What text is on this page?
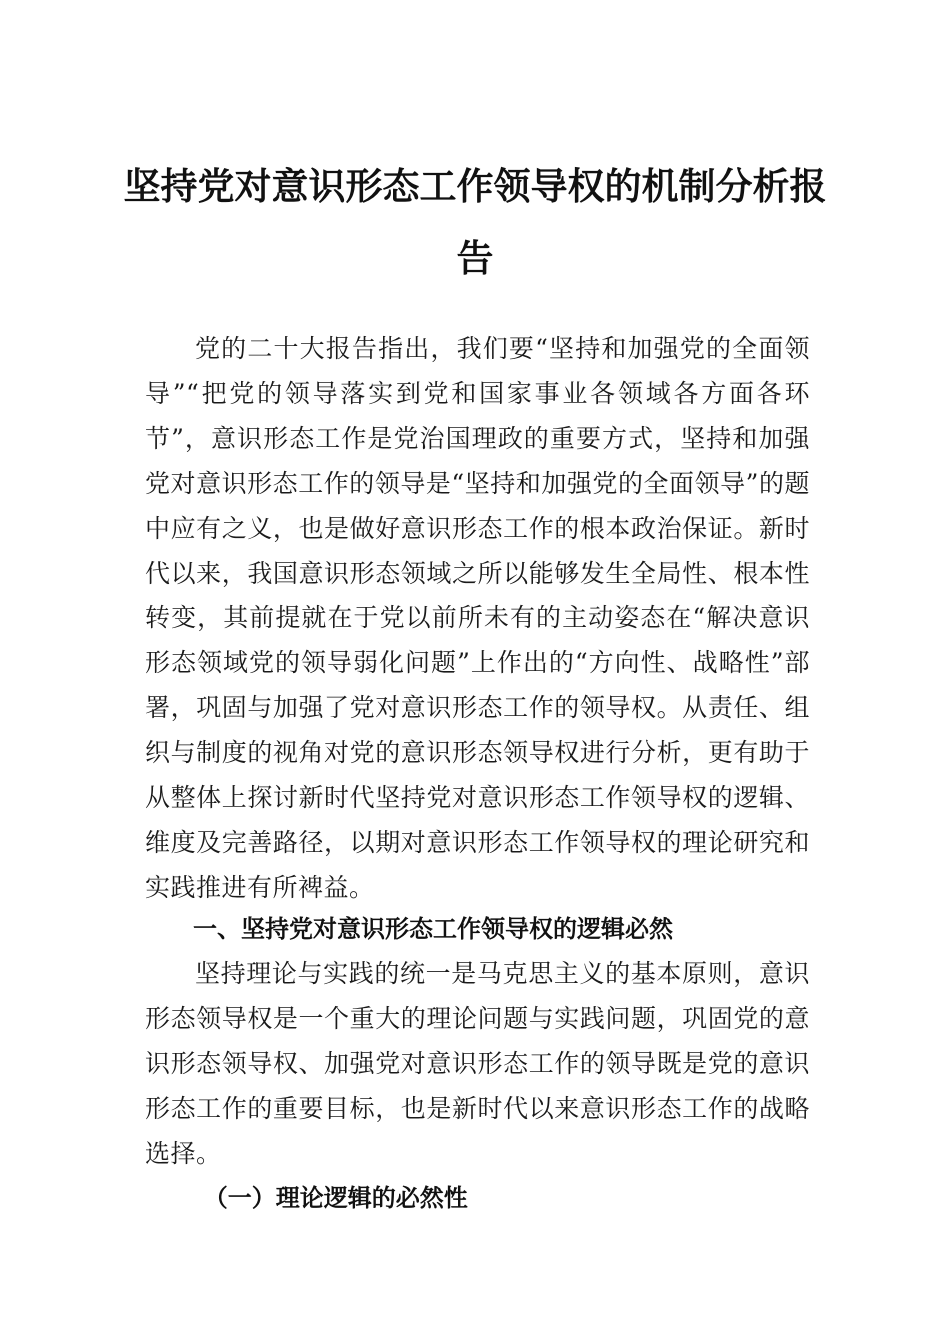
坚持党对意识形态工作领导权的机制分析报告

党的二十大报告指出，我们要“坚持和加强党的全面领导”“把党的领导落实到党和国家事业各领域各方面各环节”，意识形态工作是党治国理政的重要方式，坚持和加强党对意识形态工作的领导是“坚持和加强党的全面领导”的题中应有之义，也是做好意识形态工作的根本政治保证。新时代以来，我国意识形态领域之所以能够发生全局性、根本性转变，其前提就在于党以前所未有的主动姿态在“解决意识形态领域党的领导弱化问题”上作出的“方向性、战略性”部署，巩固与加强了党对意识形态工作的领导权。从责任、组织与制度的视角对党的意识形态领导权进行分析，更有助于从整体上探讨新时代坚持党对意识形态工作领导权的逻辑、维度及完善路径，以期对意识形态工作领导权的理论研究和实践推进有所裨益。

一、坚持党对意识形态工作领导权的逻辑必然

坚持理论与实践的统一是马克思主义的基本原则，意识形态领导权是一个重大的理论问题与实践问题，巩固党的意识形态领导权、加强党对意识形态工作的领导既是党的意识形态工作的重要目标，也是新时代以来意识形态工作的战略选择。

（一）理论逻辑的必然性
